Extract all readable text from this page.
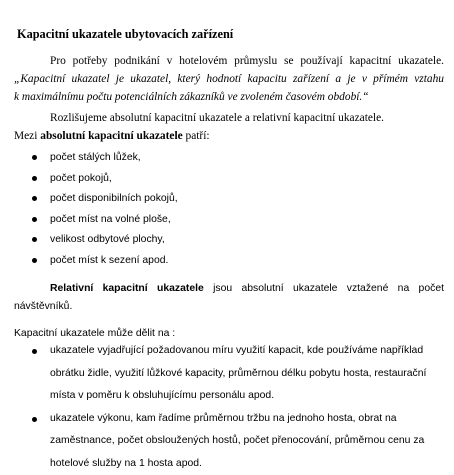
Kapacitní ukazatele ubytovacích zařízení
Pro potřeby podnikání v hotelovém průmyslu se používají kapacitní ukazatele.
„Kapacitní ukazatel je ukazatel, který hodnotí kapacitu zařízení a je v přímém vztahu
k maximálnímu počtu potenciálních zákazníků ve zvoleném časovém období.“
Rozlišujeme absolutní kapacitní ukazatele a relativní kapacitní ukazatele.
Mezi absolutní kapacitní ukazatele patří:
počet stálých lůžek,
počet pokojů,
počet disponibilních pokojů,
počet míst na volné ploše,
velikost odbytové plochy,
počet míst k sezení apod.
Relativní kapacitní ukazatele jsou absolutní ukazatele vztažené na počet
návštěvníků.
Kapacitní ukazatele může dělit na :
ukazatele vyjadřující požadovanou míru využití kapacit, kde používáme například obrátku židle, využití lůžkové kapacity, průměrnou délku pobytu hosta, restaurační místa v poměru k obsluhujícímu personálu apod.
ukazatele výkonu, kam řadíme průměrnou tržbu na jednoho hosta, obrat na zaměstnance, počet obsloužených hostů, počet přenocování, průměrnou cenu za hotelové služby na 1 hosta apod.
